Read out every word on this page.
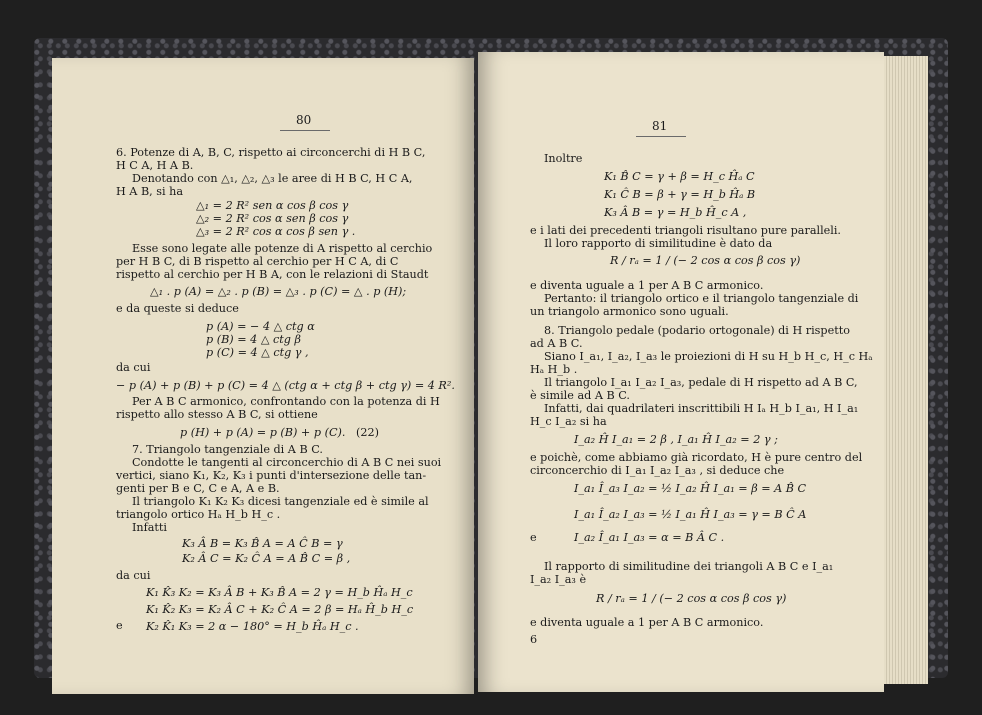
80
6. Potenze di A, B, C, rispetto ai circoncerchi di H B C,
H C A, H A B.
Denotando con △₁, △₂, △₃ le aree di H B C, H C A,
H A B, si ha
△₁ = 2 R² sen α cos β cos γ
△₂ = 2 R² cos α sen β cos γ
△₃ = 2 R² cos α cos β sen γ .
Esse sono legate alle potenze di A rispetto al cerchio
per H B C, di B rispetto al cerchio per H C A, di C
rispetto al cerchio per H B A, con le relazioni di Staudt
△₁ . p (A) = △₂ . p (B) = △₃ . p (C) = △ . p (H);
e da queste si deduce
p (A) = − 4 △ ctg α
p (B) = 4 △ ctg β
p (C) = 4 △ ctg γ ,
da cui
− p (A) + p (B) + p (C) = 4 △ (ctg α + ctg β + ctg γ) = 4 R².
Per A B C armonico, confrontando con la potenza di H
rispetto allo stesso A B C, si ottiene
p (H) + p (A) = p (B) + p (C). (22)
7. Triangolo tangenziale di A B C.
Condotte le tangenti al circoncerchio di A B C nei suoi
vertici, siano K₁, K₂, K₃ i punti d'intersezione delle tan-
genti per B e C, C e A, A e B.
Il triangolo K₁ K₂ K₃ dicesi tangenziale ed è simile al
triangolo ortico Hₐ H_b H_c .
Infatti
K₃ Â B = K₃ B̂ A = A Ĉ B = γ
K₂ Â C = K₂ Ĉ A = A B̂ C = β ,
da cui
K₁ K̂₃ K₂ = K₃ Â B + K₃ B̂ A = 2 γ = H_b Ĥₐ H_c
K₁ K̂₂ K₃ = K₂ Â C + K₂ Ĉ A = 2 β = Hₐ Ĥ_b H_c
e K₂ K̂₁ K₃ = 2 α − 180° = H_b Ĥₐ H_c .
81
Inoltre
K₁ B̂ C = γ + β = H_c Ĥₐ C
K₁ Ĉ B = β + γ = H_b Ĥₐ B
K₃ Â B = γ = H_b Ĥ_c A ,
e i lati dei precedenti triangoli risultano pure paralleli.
Il loro rapporto di similitudine è dato da
R / rₐ = 1 / (− 2 cos α cos β cos γ)
e diventa uguale a 1 per A B C armonico.
Pertanto: il triangolo ortico e il triangolo tangenziale di
un triangolo armonico sono uguali.
8. Triangolo pedale (podario ortogonale) di H rispetto
ad A B C.
Siano I_a₁, I_a₂, I_a₃ le proiezioni di H su H_b H_c, H_c Hₐ
Hₐ H_b .
Il triangolo I_a₁ I_a₂ I_a₃, pedale di H rispetto ad A B C,
è simile ad A B C.
Infatti, dai quadrilateri inscrittibili H Iₐ H_b I_a₁, H I_a₁
H_c I_a₂ si ha
I_a₂ Ĥ I_a₁ = 2 β , I_a₁ Ĥ I_a₂ = 2 γ ;
e poichè, come abbiamo già ricordato, H è pure centro del
circoncerchio di I_a₁ I_a₂ I_a₃ , si deduce che
I_a₁ Î_a₃ I_a₂ = ½ I_a₂ Ĥ I_a₁ = β = A B̂ C
I_a₁ Î_a₂ I_a₃ = ½ I_a₁ Ĥ I_a₃ = γ = B Ĉ A
e	I_a₂ Î_a₁ I_a₃ = α = B Â C .
Il rapporto di similitudine dei triangoli A B C e I_a₁
I_a₂ I_a₃ è
R / rₐ = 1 / (− 2 cos α cos β cos γ)
e diventa uguale a 1 per A B C armonico.
6
